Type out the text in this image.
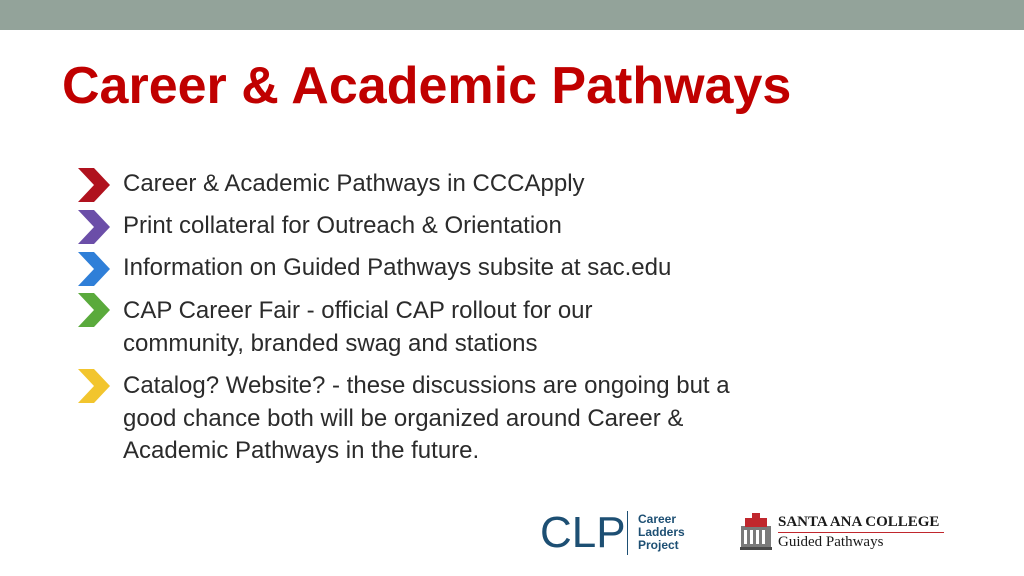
Career & Academic Pathways
Career & Academic Pathways in CCCApply
Print collateral for Outreach & Orientation
Information on Guided Pathways subsite at sac.edu
CAP Career Fair - official CAP rollout for our community, branded swag and stations
Catalog? Website? - these discussions are ongoing but a good chance both will be organized around Career & Academic Pathways in the future.
CLP Career
Ladders
Project
SANTA ANA COLLEGE
Guided Pathways
